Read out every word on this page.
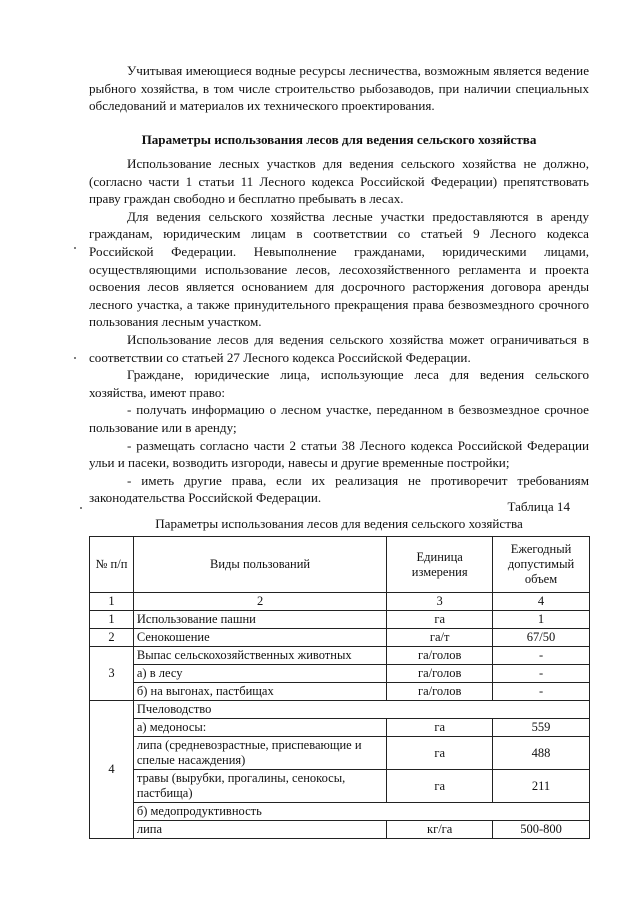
Учитывая имеющиеся водные ресурсы лесничества, возможным является ведение рыбного хозяйства, в том числе строительство рыбозаводов, при наличии специальных обследований и материалов их технического проектирования.

Параметры использования лесов для ведения сельского хозяйства

Использование лесных участков для ведения сельского хозяйства не должно, (согласно части 1 статьи 11 Лесного кодекса Российской Федерации) препятствовать праву граждан свободно и бесплатно пребывать в лесах.

Для ведения сельского хозяйства лесные участки предоставляются в аренду гражданам, юридическим лицам в соответствии со статьей 9 Лесного кодекса Российской Федерации. Невыполнение гражданами, юридическими лицами, осуществляющими использование лесов, лесохозяйственного регламента и проекта освоения лесов является основанием для досрочного расторжения договора аренды лесного участка, а также принудительного прекращения права безвозмездного срочного пользования лесным участком.

Использование лесов для ведения сельского хозяйства может ограничиваться в соответствии со статьей 27 Лесного кодекса Российской Федерации.

Граждане, юридические лица, использующие леса для ведения сельского хозяйства, имеют право:

- получать информацию о лесном участке, переданном в безвозмездное срочное пользование или в аренду;

- размещать согласно части 2 статьи 38 Лесного кодекса Российской Федерации ульи и пасеки, возводить изгороди, навесы и другие временные постройки;

- иметь другие права, если их реализация не противоречит требованиям законодательства Российской Федерации.

Таблица 14
Параметры использования лесов для ведения сельского хозяйства
№ п/п	Виды пользований	Единица измерения	Ежегодный допустимый объем
1	2	3	4
1	Использование пашни	га	1
2	Сенокошение	га/т	67/50
3	Выпас сельскохозяйственных животных	га/голов	-
	а) в лесу	га/голов	-
	б) на выгонах, пастбищах	га/голов	-
4	Пчеловодство		
	а) медоносы:	га	559
	липа (средневозрастные, приспевающие и спелые насаждения)	га	488
	травы (вырубки, прогалины, сенокосы, пастбища)	га	211
	б) медопродуктивность		
	липа	кг/га	500-800
